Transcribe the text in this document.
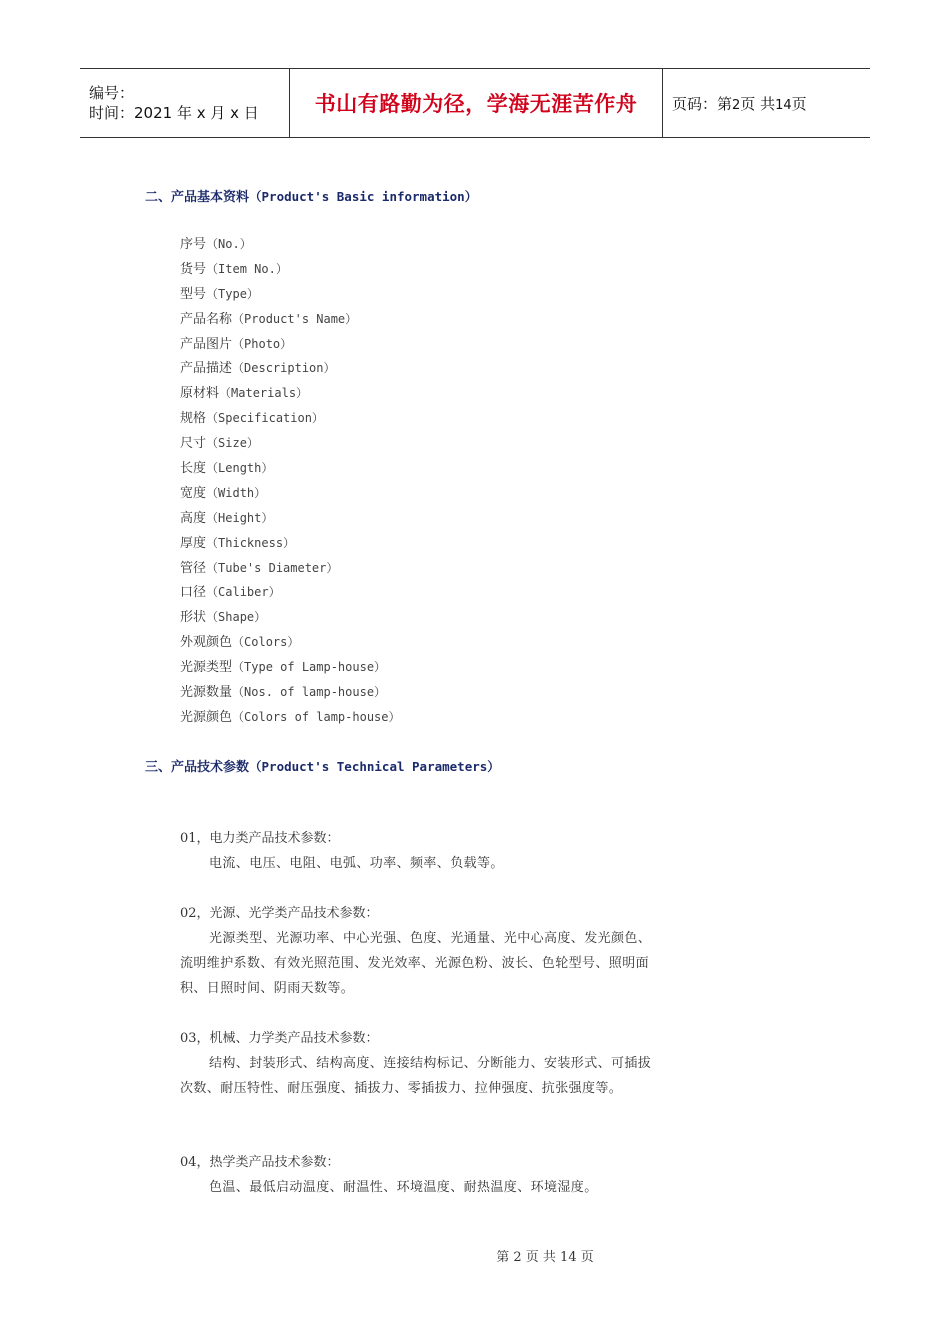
编号：
时间：2021 年 x 月 x 日	书山有路勤为径，学海无涯苦作舟 页码：第2页 共14页
二、产品基本资料（Product's Basic information）
序号（No.）
货号（Item No.）
型号（Type）
产品名称（Product's Name）
产品图片（Photo）
产品描述（Description）
原材料（Materials）
规格（Specification）
尺寸（Size）
长度（Length）
宽度（Width）
高度（Height）
厚度（Thickness）
管径（Tube's Diameter）
口径（Caliber）
形状（Shape）
外观颜色（Colors）
光源类型（Type of Lamp-house）
光源数量（Nos. of lamp-house）
光源颜色（Colors of lamp-house）
三、产品技术参数（Product's Technical Parameters）
01，电力类产品技术参数：
电流、电压、电阻、电弧、功率、频率、负载等。
02，光源、光学类产品技术参数：
光源类型、光源功率、中心光强、色度、光通量、光中心高度、发光颜色、流明维护系数、有效光照范围、发光效率、光源色粉、波长、色轮型号、照明面积、日照时间、阴雨天数等。
03，机械、力学类产品技术参数：
结构、封装形式、结构高度、连接结构标记、分断能力、安装形式、可插拔次数、耐压特性、耐压强度、插拔力、零插拔力、拉伸强度、抗张强度等。
04，热学类产品技术参数：
色温、最低启动温度、耐温性、环境温度、耐热温度、环境湿度。
第 2 页 共 14 页
